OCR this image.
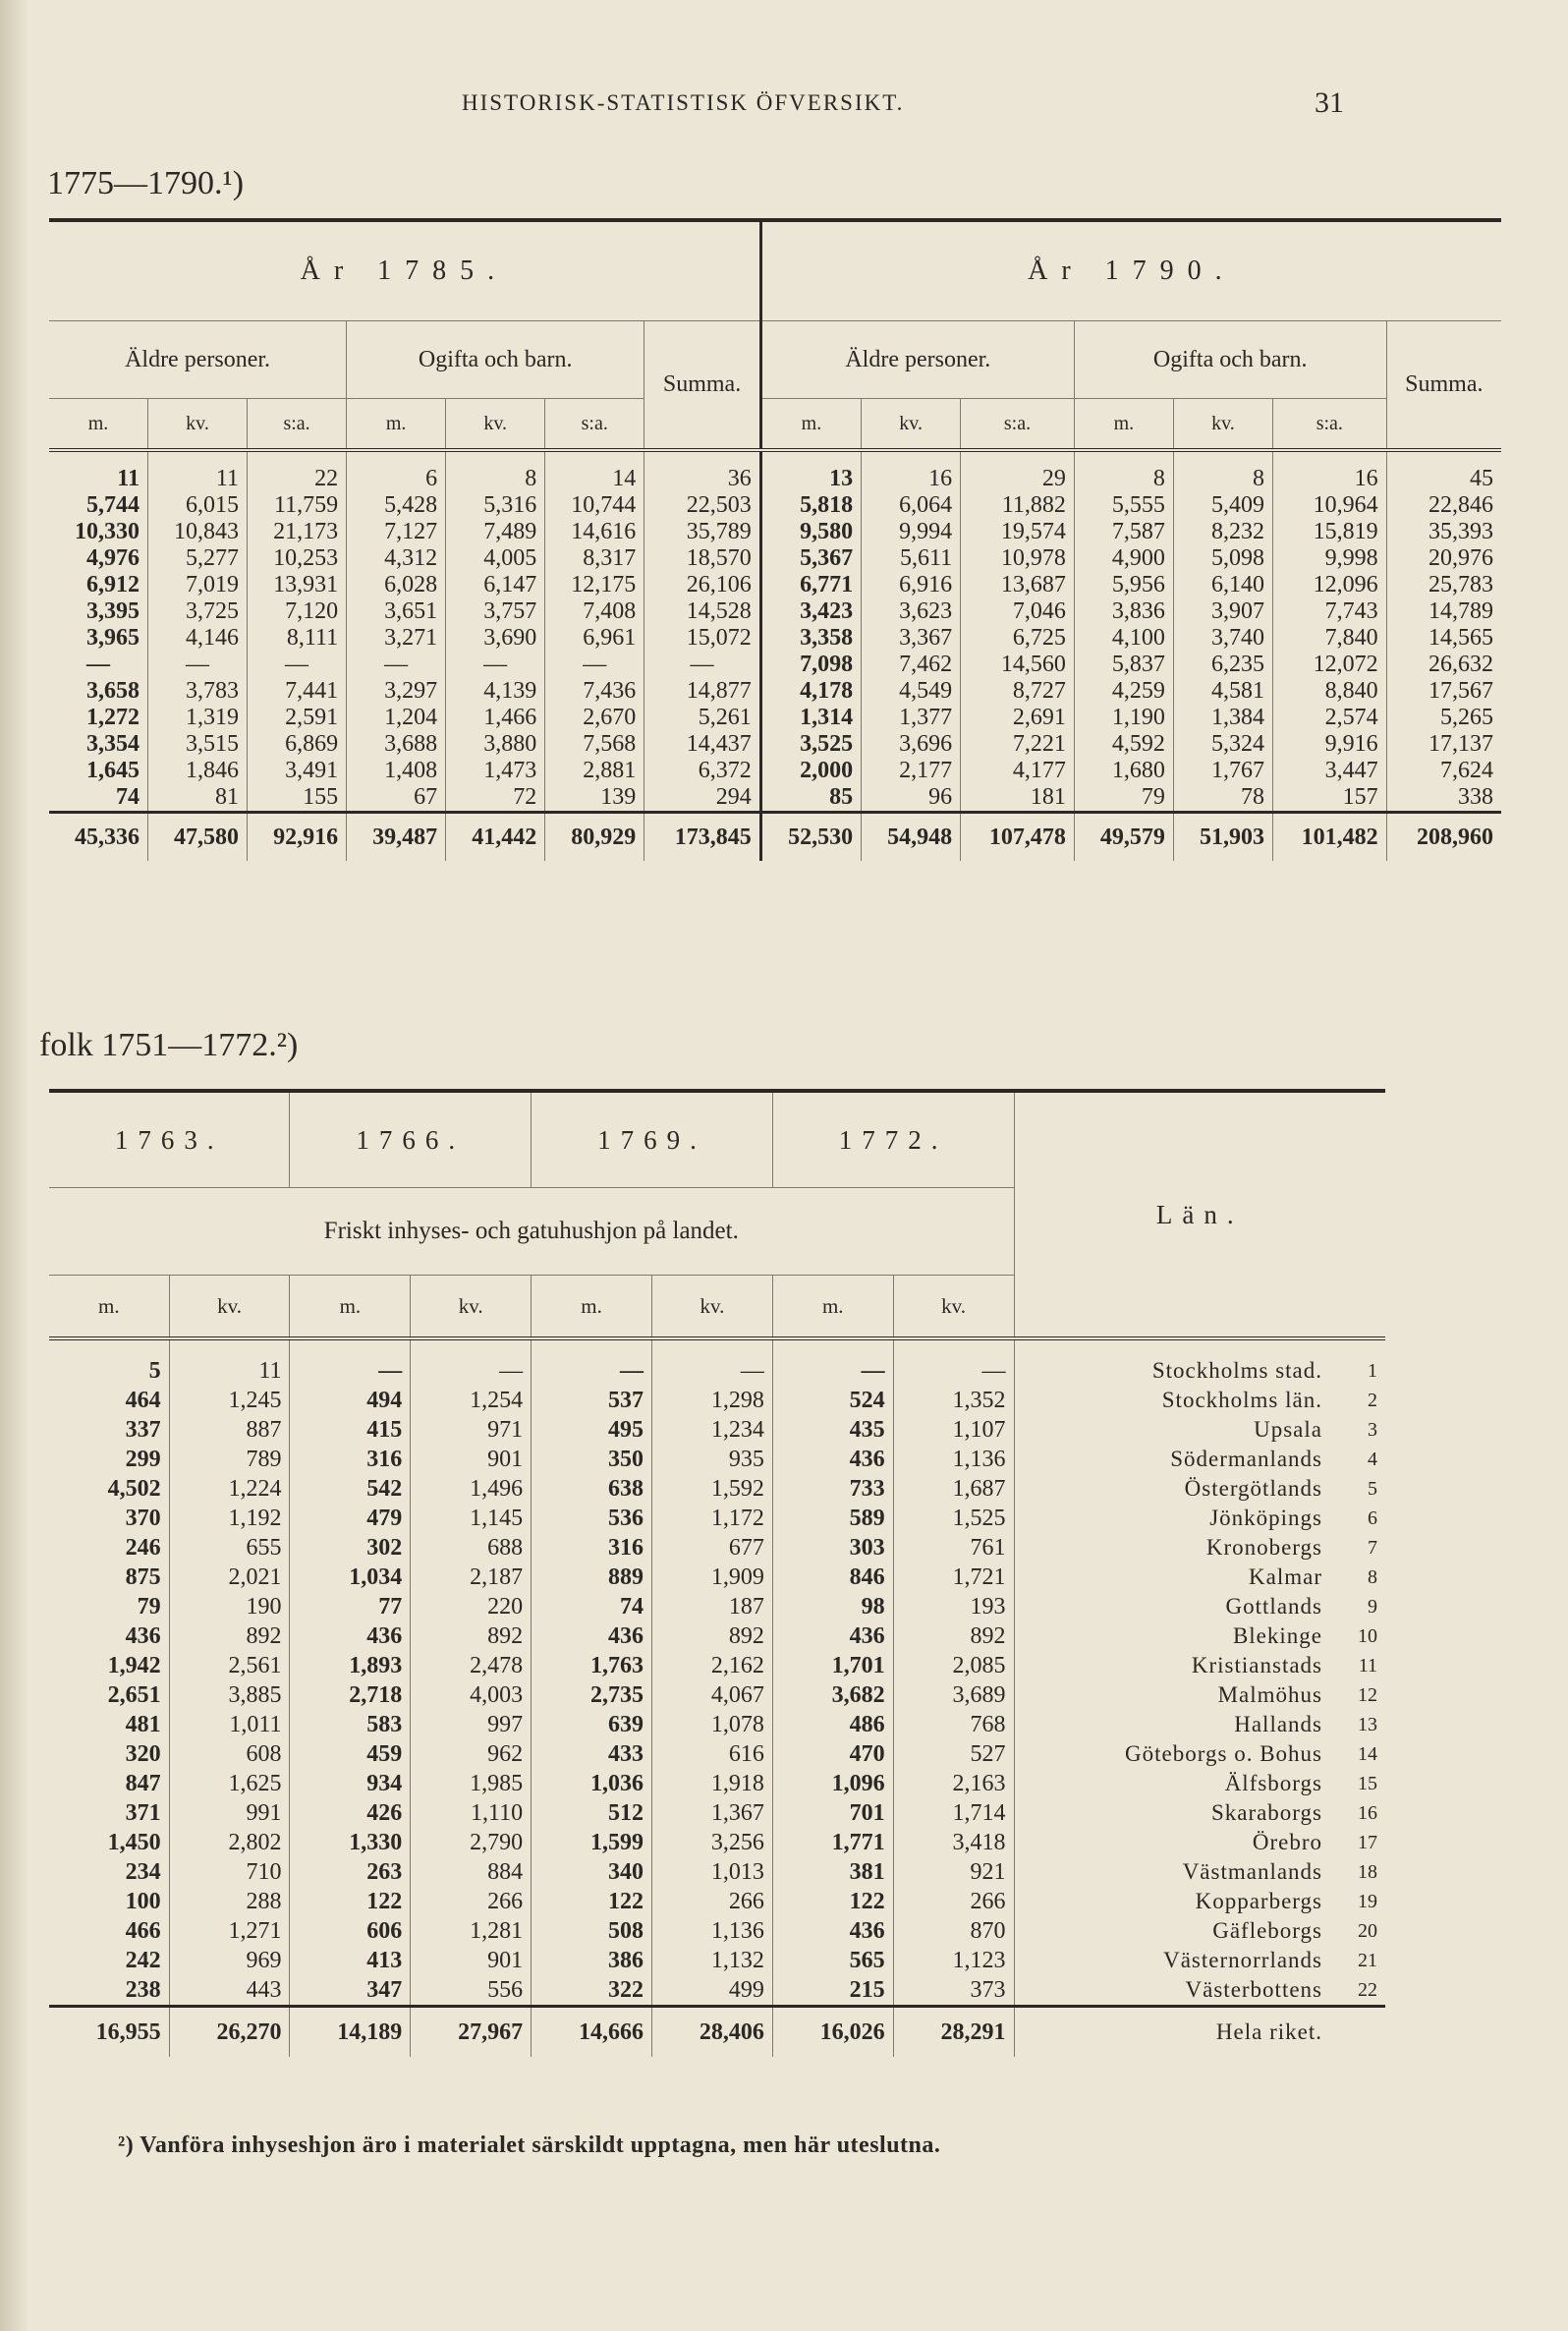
HISTORISK-STATISTISK ÖFVERSIKT.	31
1775—1790.¹)
År 1785.							År 1790.						
Äldre personer.			Ogifta och barn.			Summa.	Äldre personer.			Ogifta och barn.			Summa.
m.	kv.	s:a.	m.	kv.	s:a.		m.	kv.	s:a.	m.	kv.	s:a.	
11	11	22	6	8	14	36	13	16	29	8	8	16	45
5,744	6,015	11,759	5,428	5,316	10,744	22,503	5,818	6,064	11,882	5,555	5,409	10,964	22,846
10,330	10,843	21,173	7,127	7,489	14,616	35,789	9,580	9,994	19,574	7,587	8,232	15,819	35,393
4,976	5,277	10,253	4,312	4,005	8,317	18,570	5,367	5,611	10,978	4,900	5,098	9,998	20,976
6,912	7,019	13,931	6,028	6,147	12,175	26,106	6,771	6,916	13,687	5,956	6,140	12,096	25,783
3,395	3,725	7,120	3,651	3,757	7,408	14,528	3,423	3,623	7,046	3,836	3,907	7,743	14,789
3,965	4,146	8,111	3,271	3,690	6,961	15,072	3,358	3,367	6,725	4,100	3,740	7,840	14,565
—	—	—	—	—	—	—	7,098	7,462	14,560	5,837	6,235	12,072	26,632
3,658	3,783	7,441	3,297	4,139	7,436	14,877	4,178	4,549	8,727	4,259	4,581	8,840	17,567
1,272	1,319	2,591	1,204	1,466	2,670	5,261	1,314	1,377	2,691	1,190	1,384	2,574	5,265
3,354	3,515	6,869	3,688	3,880	7,568	14,437	3,525	3,696	7,221	4,592	5,324	9,916	17,137
1,645	1,846	3,491	1,408	1,473	2,881	6,372	2,000	2,177	4,177	1,680	1,767	3,447	7,624
74	81	155	67	72	139	294	85	96	181	79	78	157	338
45,336	47,580	92,916	39,487	41,442	80,929	173,845	52,530	54,948	107,478	49,579	51,903	101,482	208,960
folk 1751—1772.²)
1763.		1766.		1769.		1772.		Län.	
Friskt inhyses- och gatuhushjon på landet.									
m.	kv.	m.	kv.	m.	kv.	m.	kv.		
5	11	—	—	—	—	—	—	Stockholms stad.	1
464	1,245	494	1,254	537	1,298	524	1,352	Stockholms län.	2
337	887	415	971	495	1,234	435	1,107	Upsala	3
299	789	316	901	350	935	436	1,136	Södermanlands	4
4,502	1,224	542	1,496	638	1,592	733	1,687	Östergötlands	5
370	1,192	479	1,145	536	1,172	589	1,525	Jönköpings	6
246	655	302	688	316	677	303	761	Kronobergs	7
875	2,021	1,034	2,187	889	1,909	846	1,721	Kalmar	8
79	190	77	220	74	187	98	193	Gottlands	9
436	892	436	892	436	892	436	892	Blekinge	10
1,942	2,561	1,893	2,478	1,763	2,162	1,701	2,085	Kristianstads	11
2,651	3,885	2,718	4,003	2,735	4,067	3,682	3,689	Malmöhus	12
481	1,011	583	997	639	1,078	486	768	Hallands	13
320	608	459	962	433	616	470	527	Göteborgs o. Bohus	14
847	1,625	934	1,985	1,036	1,918	1,096	2,163	Älfsborgs	15
371	991	426	1,110	512	1,367	701	1,714	Skaraborgs	16
1,450	2,802	1,330	2,790	1,599	3,256	1,771	3,418	Örebro	17
234	710	263	884	340	1,013	381	921	Västmanlands	18
100	288	122	266	122	266	122	266	Kopparbergs	19
466	1,271	606	1,281	508	1,136	436	870	Gäfleborgs	20
242	969	413	901	386	1,132	565	1,123	Västernorrlands	21
238	443	347	556	322	499	215	373	Västerbottens	22
16,955	26,270	14,189	27,967	14,666	28,406	16,026	28,291	Hela riket.	
²) Vanföra inhyseshjon äro i materialet särskildt upptagna, men här uteslutna.
